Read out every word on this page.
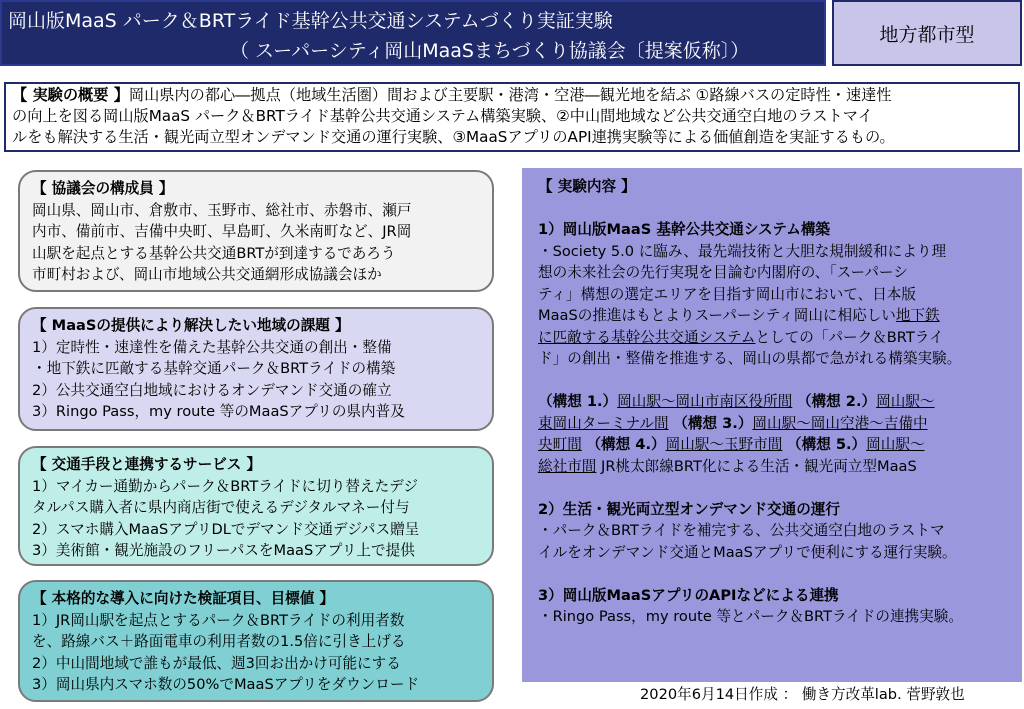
岡山版MaaS パーク＆BRTライド基幹公共交通システムづくり実証実験
（ スーパーシティ岡山MaaSまちづくり協議会〔提案仮称〕）
地方都市型
【 実験の概要 】岡山県内の都心―拠点（地域生活圏）間および主要駅・港湾・空港―観光地を結ぶ ①路線バスの定時性・速達性
の向上を図る岡山版MaaS パーク＆BRTライド基幹公共交通システム構築実験、②中山間地域など公共交通空白地のラストマイ
ルをも解決する生活・観光両立型オンデマンド交通の運行実験、③MaaSアプリのAPI連携実験等による価値創造を実証するもの。
【 協議会の構成員 】
岡山県、岡山市、倉敷市、玉野市、総社市、赤磐市、瀬戸
内市、備前市、吉備中央町、早島町、久米南町など、JR岡
山駅を起点とする基幹公共交通BRTが到達するであろう
市町村および、岡山市地域公共交通網形成協議会ほか
【 MaaSの提供により解決したい地域の課題 】
1）定時性・速達性を備えた基幹公共交通の創出・整備
・地下鉄に匹敵する基幹交通パーク＆BRTライドの構築
2）公共交通空白地域におけるオンデマンド交通の確立
3）Ringo Pass，my route 等のMaaSアプリの県内普及
【 交通手段と連携するサービス 】
1）マイカー通勤からパーク＆BRTライドに切り替えたデジ
タルパス購入者に県内商店街で使えるデジタルマネー付与
2）スマホ購入MaaSアプリDLでデマンド交通デジパス贈呈
3）美術館・観光施設のフリーパスをMaaSアプリ上で提供
【 本格的な導入に向けた検証項目、目標値 】
1）JR岡山駅を起点とするパーク＆BRTライドの利用者数
を、路線バス＋路面電車の利用者数の1.5倍に引き上げる
2）中山間地域で誰もが最低、週3回お出かけ可能にする
3）岡山県内スマホ数の50%でMaaSアプリをダウンロード
【 実験内容 】
1）岡山版MaaS 基幹公共交通システム構築
・Society 5.0 に臨み、最先端技術と大胆な規制緩和により理
想の未来社会の先行実現を目論む内閣府の、「スーパーシ
ティ」構想の選定エリアを目指す岡山市において、日本版
MaaSの推進はもとよりスーパーシティ岡山に相応しい地下鉄
に匹敵する基幹公共交通システムとしての「パーク＆BRTライ
ド」の創出・整備を推進する、岡山の県都で急がれる構築実験。
（構想 1.）岡山駅～岡山市南区役所間 （構想 2.）岡山駅～
東岡山ターミナル間 （構想 3.）岡山駅～岡山空港～吉備中
央町間 （構想 4.）岡山駅～玉野市間 （構想 5.）岡山駅～
総社市間 JR桃太郎線BRT化による生活・観光両立型MaaS
2）生活・観光両立型オンデマンド交通の運行
・パーク＆BRTライドを補完する、公共交通空白地のラストマ
イルをオンデマンド交通とMaaSアプリで便利にする運行実験。
3）岡山版MaaSアプリのAPIなどによる連携
・Ringo Pass，my route 等とパーク＆BRTライドの連携実験。
2020年6月14日作成 ： 働き方改革lab. 菅野敦也
